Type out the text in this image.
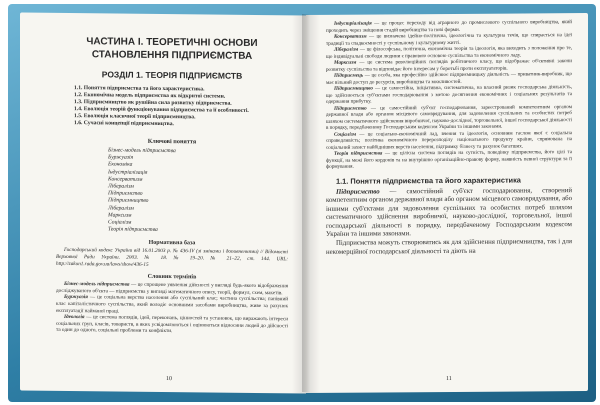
ЧАСТИНА І. ТЕОРЕТИЧНІ ОСНОВИ
СТАНОВЛЕННЯ ПІДПРИЄМСТВА
РОЗДІЛ 1. ТЕОРІЯ ПІДПРИЄМСТВ
1.1. Поняття підприємства та його характеристика.
1.2. Економічна модель підприємства як відкритої системи.
1.3. Підприємництво як рушійна сила розвитку підприємства.
1.4. Еволюція теорій функціонування підприємства та її особливості.
1.5. Еволюція класичної теорії підприємництва.
1.6. Сучасні концепції підприємництва.
Ключові поняття
Бізнес-модель підприємства
Буржуазія
Економіка
Індустріалізація
Консерватизм
Лібералізм
Підприємство
Підприємництво
Лібералізм
Марксизм
Соціалізм
Теорія підприємства
Нормативна база

Господарський кодекс України від 16.01.2003 р. № 436-IV (зі змінами і доповненнями) // Відомості Верховної Ради України. 2003. № 18. № 19–20. № 21–22, ст. 144. URL: http://zakon1.rada.gov.ua/laws/show/436-15

Словник термінів

Бізнес-модель підприємства — це спрощене уявлення дійсності у вигляді будь-якого відображення досліджуваного об'єкта — підприємства у вигляді математичного опису, теорії, формул, схем, макетів.

Буржуазія — це соціальна верства населення або суспільний клас; частина суспільства; панівний клас капіталістичного суспільства, який володіє основними засобами виробництва, живе за рахунок експлуатації найманої праці.

Ідеологія — це система поглядів, ідей, переконань, цінностей та установок, що виражають інтереси соціальних груп, класів, товариств, в яких усвідомлюються і оцінюються відносини людей до дійсності та один до одного, соціальні проблеми та конфлікти.

10

Індустріалізація — це процес переходу від аграрного до промислового суспільного виробництва, який проходить через зміщення стадій виробництва та нові форми.

Консерватизм — це визначена ідейно-політична, ідеологічна та культурна течія, що спирається на ідеї традиції та спадкоємності у суспільному і культурному житті.

Лібералізм — це філософська, політична, економічна теорія та ідеологія, яка виходить з положення про те, що індивідуальні свободи людини є правовою основою суспільства та економічного ладу.

Марксизм — це система революційних поглядів робітничого класу, що відображає об'єктивні закони розвитку суспільства та відповідає його інтересам у боротьбі проти експлуататорів.

Підприємець — це особа, яка професійно здійснює підприємницьку діяльність — приватник-виробник, що має вільний доступ до ресурсів, виробництва та можливостей.

Підприємництво — це самостійна, ініціативна, систематична, на власний ризик господарська діяльність, що здійснюється суб'єктами господарювання з метою досягнення економічних і соціальних результатів та одержання прибутку.

Підприємство — це самостійний суб'єкт господарювання, зареєстрований компетентним органом державної влади або органом місцевого самоврядування, для задоволення суспільних та особистих потреб шляхом систематичного здійснення виробничої, науково-дослідної, торговельної, іншої господарської діяльності в порядку, передбаченому Господарським кодексом України та іншими законами.

Соціалізм — це соціально-економічний лад, вчення та ідеологія, основним гаслом якої є соціальна справедливість; політика економічного перерозподілу національного продукту країни, спрямована на соціальний захист найбідніших верств населення, підтримку бізнесу та рахунок багатших.

Теорія підприємства — це цілісна система поглядів на сутність, поведінку підприємства, його цілі та функції, на межі його кордонів та на внутрішню організаційно-правову форму, наявність певної структури та її формування.

1.1. Поняття підприємства та його характеристика

Підприємство — самостійний суб'єкт господарювання, створений компетентним органом державної влади або органом місцевого самоврядування, або іншими суб'єктами для задоволення суспільних та особистих потреб шляхом систематичного здійснення виробничої, науково-дослідної, торговельної, іншої господарської діяльності в порядку, передбаченому Господарським кодексом України та іншими законами.

Підприємства можуть створюватись як для здійснення підприємництва, так і для некомерційної господарської діяльності та діють на

11
